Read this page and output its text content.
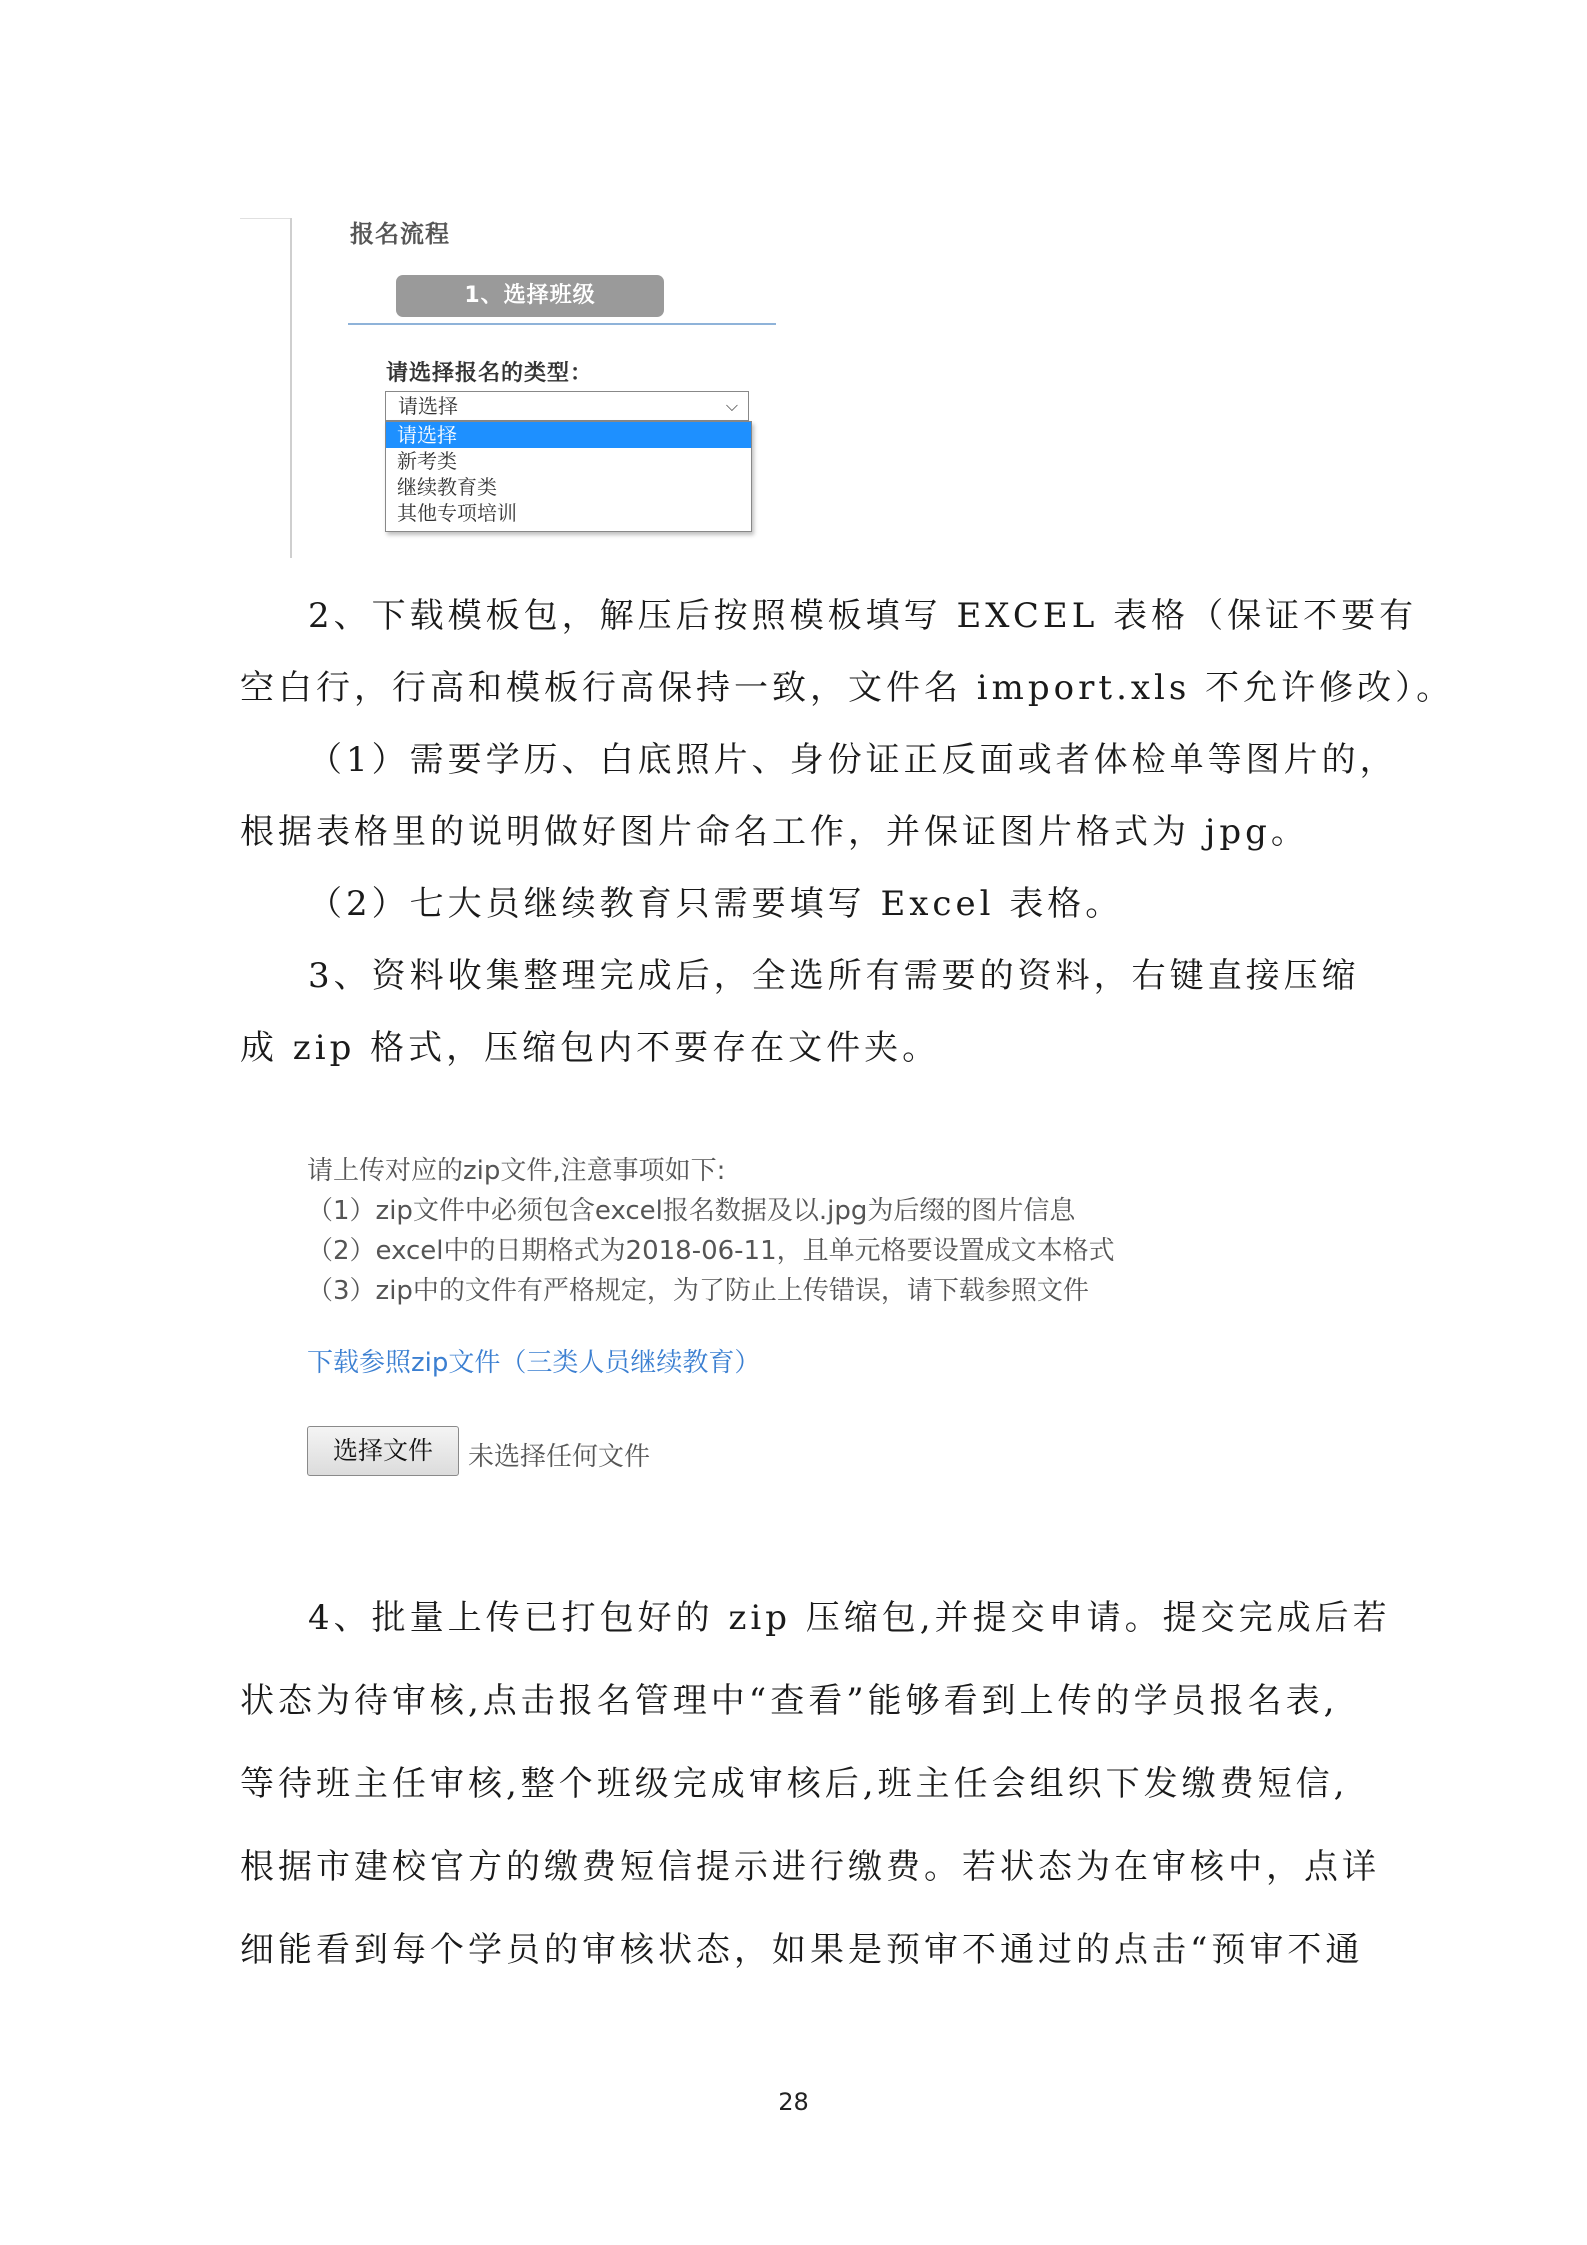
报名流程
1、选择班级
请选择报名的类型：
请选择	⌵
请选择
新考类
继续教育类
其他专项培训
2、下载模板包，解压后按照模板填写 EXCEL 表格（保证不要有
空白行，行高和模板行高保持一致，文件名 import.xls 不允许修改）。
（1）需要学历、白底照片、身份证正反面或者体检单等图片的，
根据表格里的说明做好图片命名工作，并保证图片格式为 jpg。
（2）七大员继续教育只需要填写 Excel 表格。
3、资料收集整理完成后，全选所有需要的资料，右键直接压缩
成 zip 格式，压缩包内不要存在文件夹。
请上传对应的zip文件,注意事项如下:
（1）zip文件中必须包含excel报名数据及以.jpg为后缀的图片信息
（2）excel中的日期格式为2018-06-11，且单元格要设置成文本格式
（3）zip中的文件有严格规定，为了防止上传错误，请下载参照文件
下载参照zip文件（三类人员继续教育）
选择文件	未选择任何文件
4、批量上传已打包好的 zip 压缩包,并提交申请。提交完成后若
状态为待审核,点击报名管理中“查看”能够看到上传的学员报名表,
等待班主任审核,整个班级完成审核后,班主任会组织下发缴费短信,
根据市建校官方的缴费短信提示进行缴费。若状态为在审核中，点详
细能看到每个学员的审核状态，如果是预审不通过的点击“预审不通
28
